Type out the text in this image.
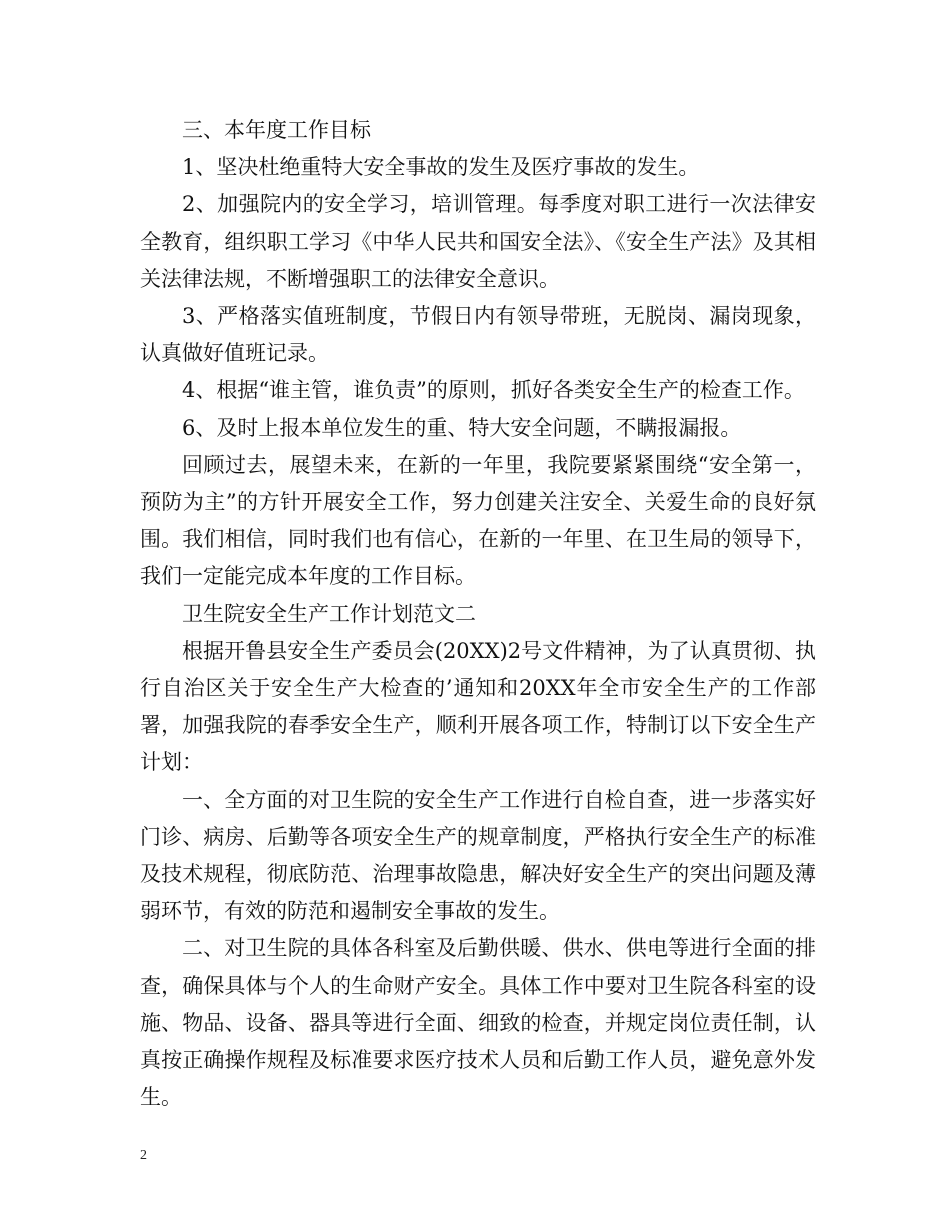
三、本年度工作目标

1、坚决杜绝重特大安全事故的发生及医疗事故的发生。

2、加强院内的安全学习，培训管理。每季度对职工进行一次法律安全教育，组织职工学习《中华人民共和国安全法》、《安全生产法》及其相关法律法规，不断增强职工的法律安全意识。

3、严格落实值班制度，节假日内有领导带班，无脱岗、漏岗现象，认真做好值班记录。

4、根据“谁主管，谁负责”的原则，抓好各类安全生产的检查工作。

6、及时上报本单位发生的重、特大安全问题，不瞒报漏报。

回顾过去，展望未来，在新的一年里，我院要紧紧围绕“安全第一，预防为主”的方针开展安全工作，努力创建关注安全、关爱生命的良好氛围。我们相信，同时我们也有信心，在新的一年里、在卫生局的领导下，我们一定能完成本年度的工作目标。

卫生院安全生产工作计划范文二

根据开鲁县安全生产委员会(20XX)2号文件精神，为了认真贯彻、执行自治区关于安全生产大检查的’通知和20XX年全市安全生产的工作部署，加强我院的春季安全生产，顺利开展各项工作，特制订以下安全生产计划：

一、全方面的对卫生院的安全生产工作进行自检自查，进一步落实好门诊、病房、后勤等各项安全生产的规章制度，严格执行安全生产的标准及技术规程，彻底防范、治理事故隐患，解决好安全生产的突出问题及薄弱环节，有效的防范和遏制安全事故的发生。

二、对卫生院的具体各科室及后勤供暖、供水、供电等进行全面的排查，确保具体与个人的生命财产安全。具体工作中要对卫生院各科室的设施、物品、设备、器具等进行全面、细致的检查，并规定岗位责任制，认真按正确操作规程及标准要求医疗技术人员和后勤工作人员，避免意外发生。

2
